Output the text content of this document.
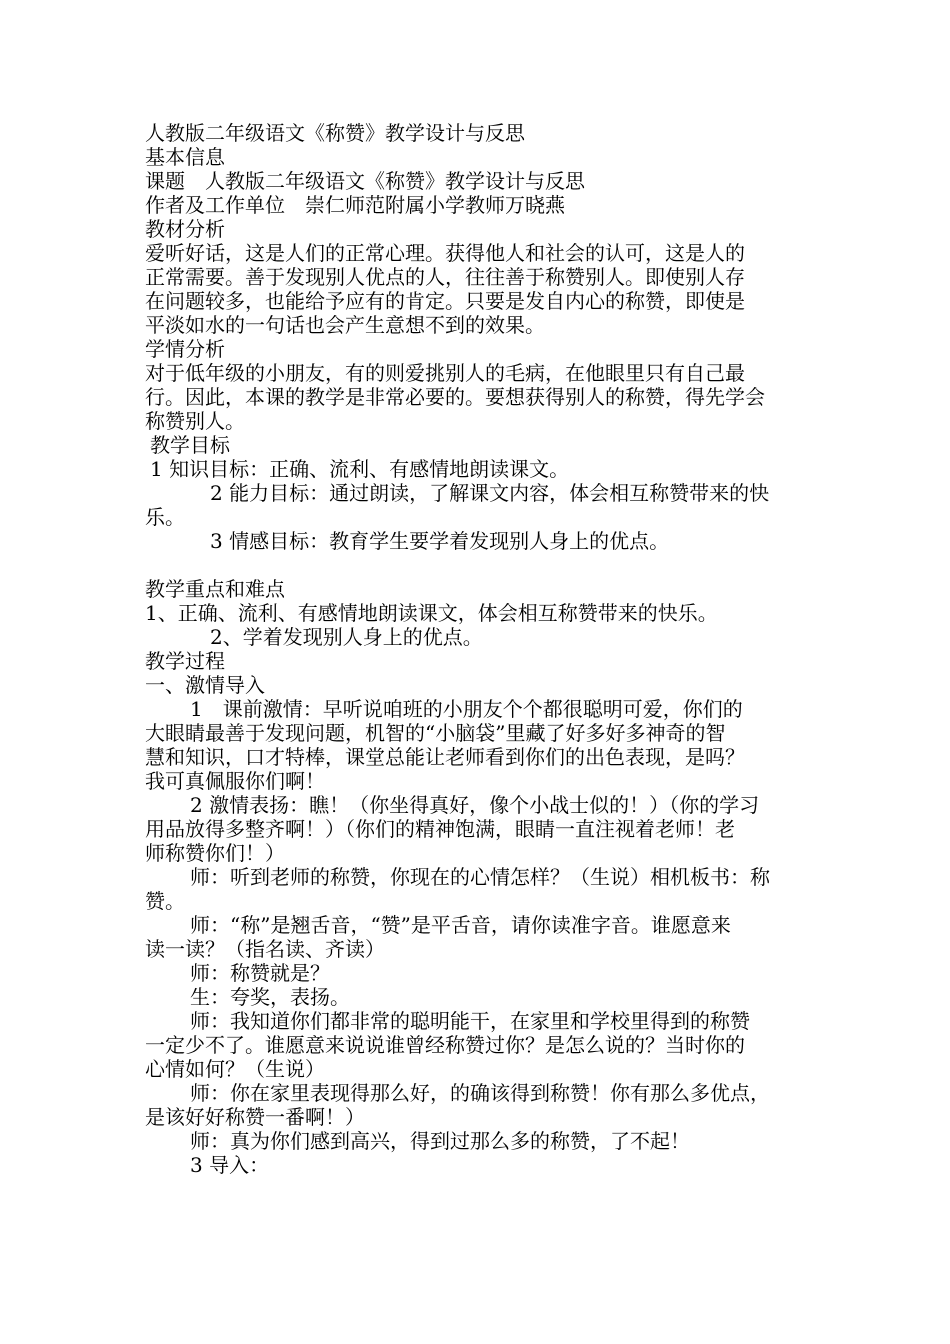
人教版二年级语文《称赞》教学设计与反思
基本信息
课题　人教版二年级语文《称赞》教学设计与反思
作者及工作单位　崇仁师范附属小学教师万晓燕
教材分析
爱听好话，这是人们的正常心理。获得他人和社会的认可，这是人的
正常需要。善于发现别人优点的人，往往善于称赞别人。即使别人存
在问题较多，也能给予应有的肯定。只要是发自内心的称赞，即使是
平淡如水的一句话也会产生意想不到的效果。
学情分析
对于低年级的小朋友，有的则爱挑别人的毛病，在他眼里只有自己最
行。因此，本课的教学是非常必要的。要想获得别人的称赞，得先学会
称赞别人。
教学目标
1 知识目标：正确、流利、有感情地朗读课文。
2 能力目标：通过朗读，了解课文内容，体会相互称赞带来的快
乐。
3 情感目标：教育学生要学着发现别人身上的优点。
教学重点和难点
1、正确、流利、有感情地朗读课文，体会相互称赞带来的快乐。
2、学着发现别人身上的优点。
教学过程
一、激情导入
1　课前激情：早听说咱班的小朋友个个都很聪明可爱，你们的
大眼睛最善于发现问题，机智的“小脑袋”里藏了好多好多神奇的智
慧和知识，口才特棒，课堂总能让老师看到你们的出色表现，是吗？
我可真佩服你们啊！
2 激情表扬：瞧！（你坐得真好，像个小战士似的！）（你的学习
用品放得多整齐啊！）（你们的精神饱满，眼睛一直注视着老师！老
师称赞你们！）
师：听到老师的称赞，你现在的心情怎样？（生说）相机板书：称
赞。
师：“称”是翘舌音，“赞”是平舌音，请你读准字音。谁愿意来
读一读？（指名读、齐读）
师：称赞就是？
生：夸奖，表扬。
师：我知道你们都非常的聪明能干，在家里和学校里得到的称赞
一定少不了。谁愿意来说说谁曾经称赞过你？是怎么说的？当时你的
心情如何？（生说）
师：你在家里表现得那么好，的确该得到称赞！你有那么多优点，
是该好好称赞一番啊！）
师：真为你们感到高兴，得到过那么多的称赞，了不起！
3 导入：
